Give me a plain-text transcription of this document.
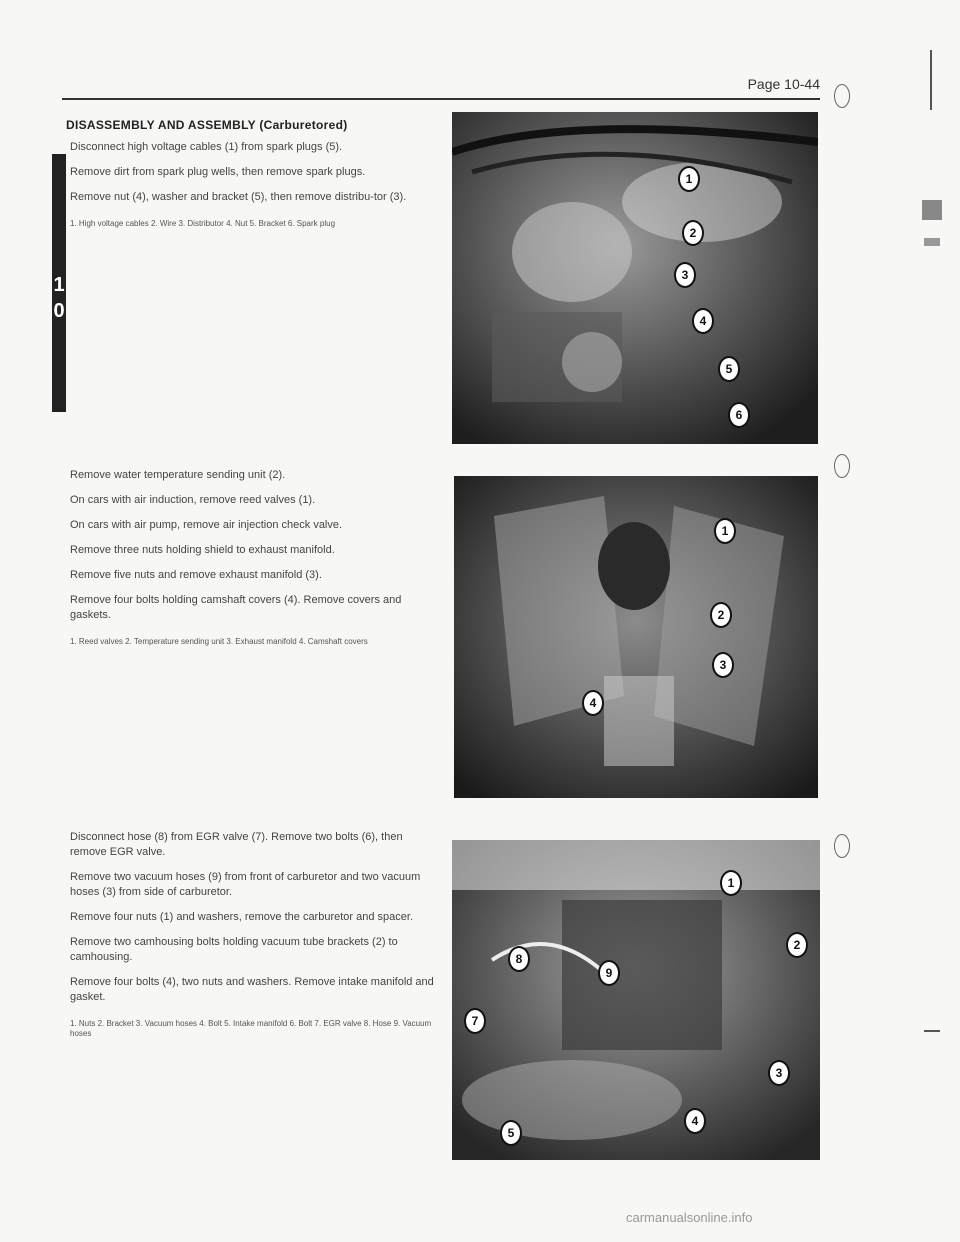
Page 10-44
1
0
DISASSEMBLY AND ASSEMBLY (Carburetored)

Disconnect high voltage cables (1) from spark plugs (5).

Remove dirt from spark plug wells, then remove spark plugs.

Remove nut (4), washer and bracket (5), then remove distribu-tor (3).

1. High voltage cables 2. Wire 3. Distributor 4. Nut 5. Bracket 6. Spark plug

Remove water temperature sending unit (2).

On cars with air induction, remove reed valves (1).

On cars with air pump, remove air injection check valve.

Remove three nuts holding shield to exhaust manifold.

Remove five nuts and remove exhaust manifold (3).

Remove four bolts holding camshaft covers (4). Remove covers and gaskets.

1. Reed valves 2. Temperature sending unit 3. Exhaust manifold 4. Camshaft covers

Disconnect hose (8) from EGR valve (7). Remove two bolts (6), then remove EGR valve.

Remove two vacuum hoses (9) from front of carburetor and two vacuum hoses (3) from side of carburetor.

Remove four nuts (1) and washers, remove the carburetor and spacer.

Remove two camhousing bolts holding vacuum tube brackets (2) to camhousing.

Remove four bolts (4), two nuts and washers. Remove intake manifold and gasket.

1. Nuts 2. Bracket 3. Vacuum hoses 4. Bolt 5. Intake manifold 6. Bolt 7. EGR valve 8. Hose 9. Vacuum hoses
1
2
3
4
5
6
1
2
3
4
1
2
8
9
7
3
4
5
carmanualsonline.info
